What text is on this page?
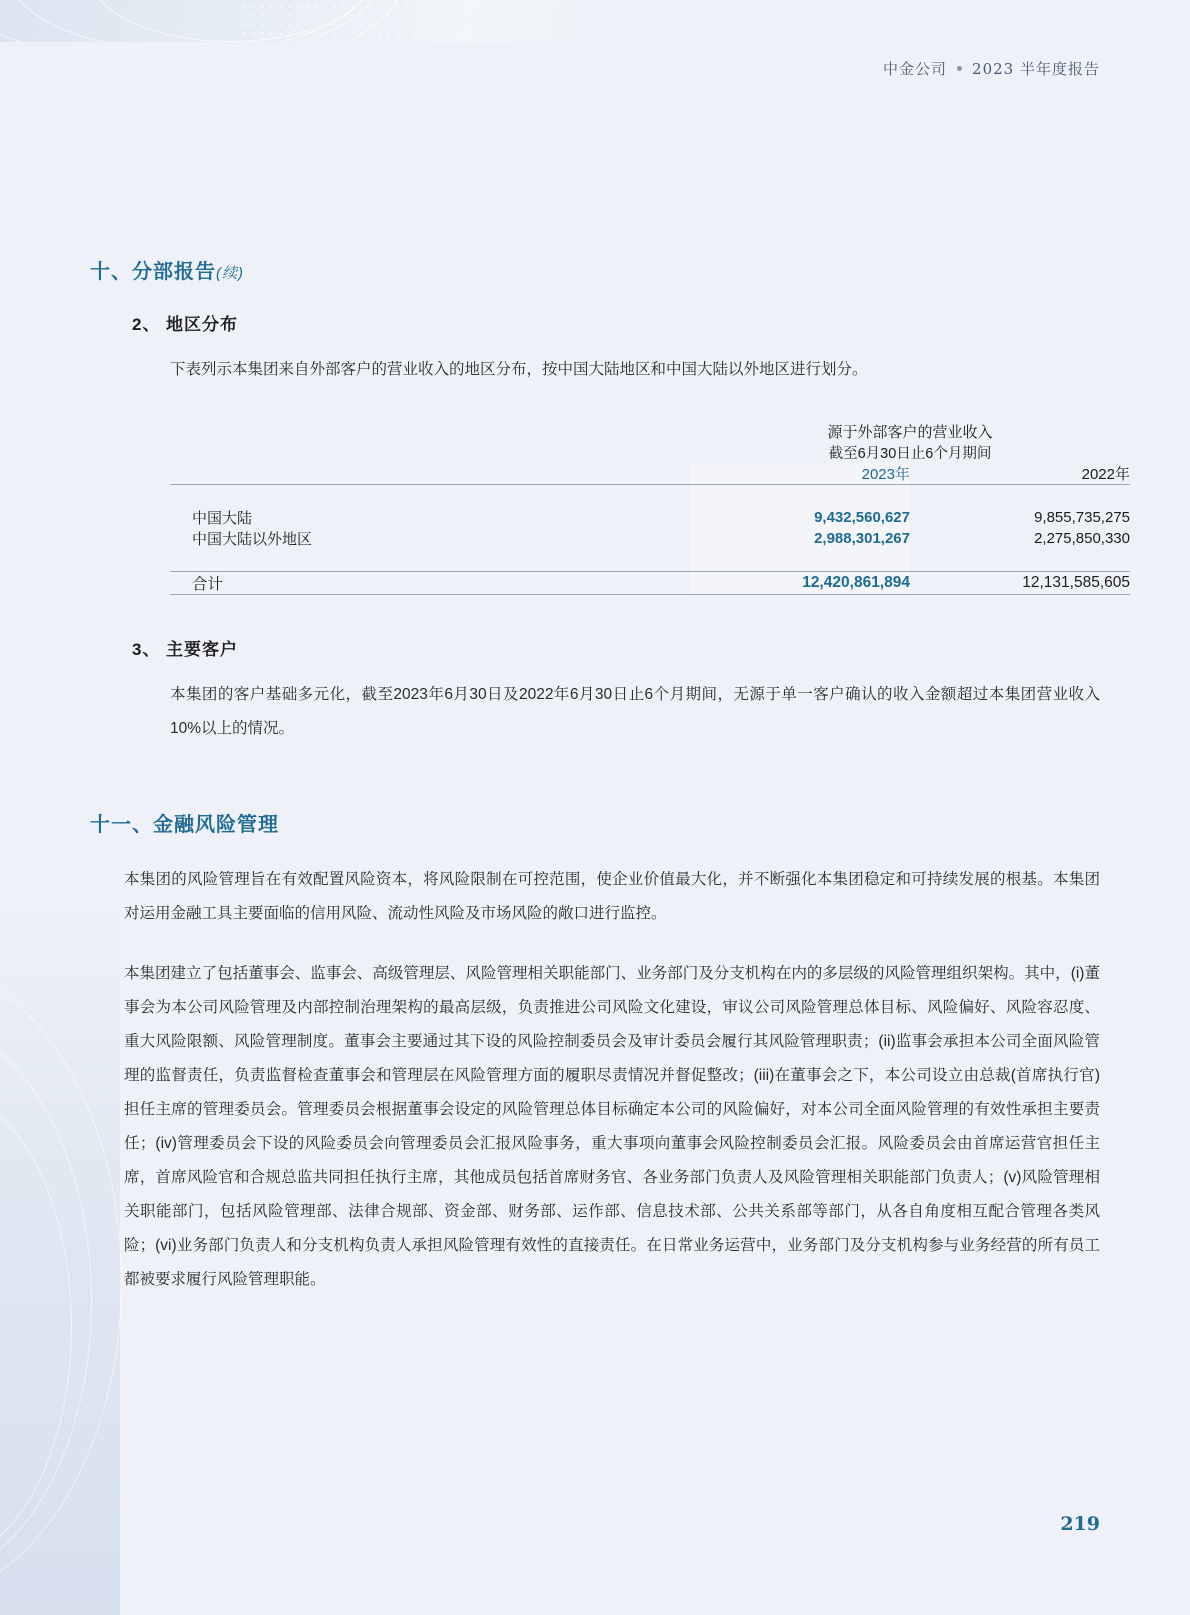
中金公司 2023 半年度报告
十、分部报告(续)
2、 地区分布
下表列示本集团来自外部客户的营业收入的地区分布，按中国大陆地区和中国大陆以外地区进行划分。
	源于外部客户的营业收入	
	截至6月30日止6个月期间	
	2023年	2022年

中国大陆	9,432,560,627	9,855,735,275
中国大陆以外地区	2,988,301,267	2,275,850,330

合计	12,420,861,894	12,131,585,605
3、 主要客户
本集团的客户基础多元化，截至2023年6月30日及2022年6月30日止6个月期间，无源于单一客户确认的收入金额超过本集团营业收入10%以上的情况。
十一、金融风险管理
本集团的风险管理旨在有效配置风险资本，将风险限制在可控范围，使企业价值最大化，并不断强化本集团稳定和可持续发展的根基。本集团对运用金融工具主要面临的信用风险、流动性风险及市场风险的敞口进行监控。
本集团建立了包括董事会、监事会、高级管理层、风险管理相关职能部门、业务部门及分支机构在内的多层级的风险管理组织架构。其中，(i)董事会为本公司风险管理及内部控制治理架构的最高层级，负责推进公司风险文化建设，审议公司风险管理总体目标、风险偏好、风险容忍度、重大风险限额、风险管理制度。董事会主要通过其下设的风险控制委员会及审计委员会履行其风险管理职责；(ii)监事会承担本公司全面风险管理的监督责任，负责监督检查董事会和管理层在风险管理方面的履职尽责情况并督促整改；(iii)在董事会之下，本公司设立由总裁(首席执行官)担任主席的管理委员会。管理委员会根据董事会设定的风险管理总体目标确定本公司的风险偏好，对本公司全面风险管理的有效性承担主要责任；(iv)管理委员会下设的风险委员会向管理委员会汇报风险事务，重大事项向董事会风险控制委员会汇报。风险委员会由首席运营官担任主席，首席风险官和合规总监共同担任执行主席，其他成员包括首席财务官、各业务部门负责人及风险管理相关职能部门负责人；(v)风险管理相关职能部门，包括风险管理部、法律合规部、资金部、财务部、运作部、信息技术部、公共关系部等部门，从各自角度相互配合管理各类风险；(vi)业务部门负责人和分支机构负责人承担风险管理有效性的直接责任。在日常业务运营中，业务部门及分支机构参与业务经营的所有员工都被要求履行风险管理职能。
219
